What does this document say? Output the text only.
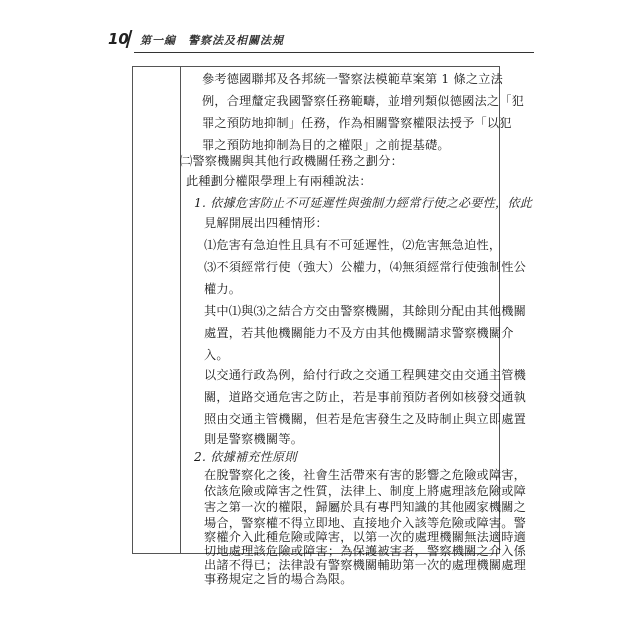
10 第一編　警察法及相關法規
參考德國聯邦及各邦統一警察法模範草案第 1 條之立法
例，合理釐定我國警察任務範疇，並增列類似德國法之「犯
罪之預防地抑制」任務，作為相關警察權限法授予「以犯
罪之預防地抑制為目的之權限」之前提基礎。
㈡警察機關與其他行政機關任務之劃分：
此種劃分權限學理上有兩種說法：
1. 依據危害防止不可延遲性與強制力經常行使之必要性，依此
見解開展出四種情形：
⑴危害有急迫性且具有不可延遲性，⑵危害無急迫性，
⑶不須經常行使（強大）公權力，⑷無須經常行使強制性公
權力。
其中⑴與⑶之結合方交由警察機關，其餘則分配由其他機關
處置，若其他機關能力不及方由其他機關請求警察機關介
入。
以交通行政為例，給付行政之交通工程興建交由交通主管機
關，道路交通危害之防止，若是事前預防者例如核發交通執
照由交通主管機關，但若是危害發生之及時制止與立即處置
則是警察機關等。
2. 依據補充性原則
在脫警察化之後，社會生活帶來有害的影響之危險或障害，
依該危險或障害之性質，法律上、制度上將處理該危險或障
害之第一次的權限，歸屬於具有專門知識的其他國家機關之
場合，警察權不得立即地、直接地介入該等危險或障害。警
察權介入此種危險或障害，以第一次的處理機關無法適時適
切地處理該危險或障害；為保護被害者，警察機關之介入係
出諸不得已；法律設有警察機關輔助第一次的處理機關處理
事務規定之旨的場合為限。
